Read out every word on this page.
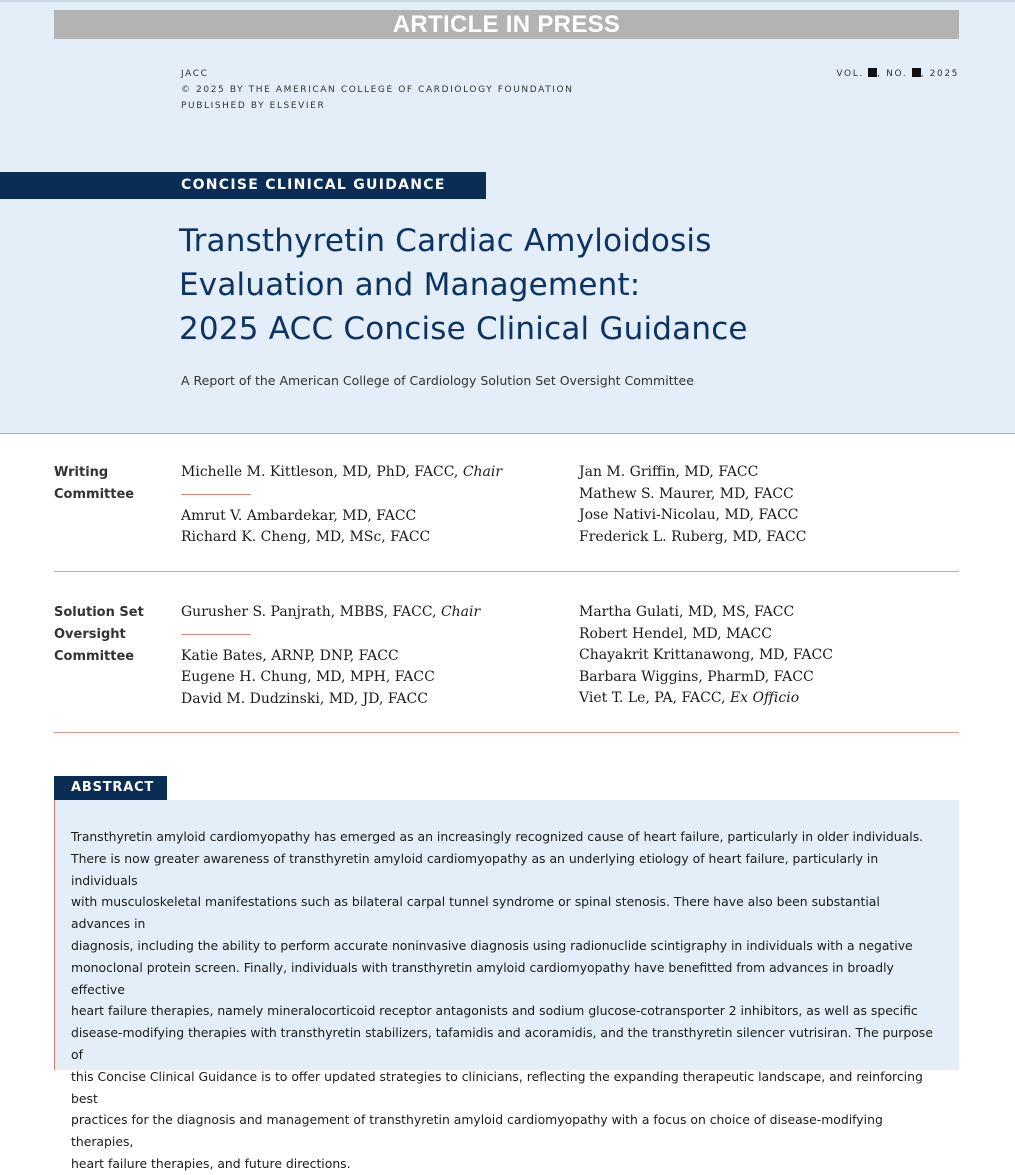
ARTICLE IN PRESS
JACC
© 2025 BY THE AMERICAN COLLEGE OF CARDIOLOGY FOUNDATION
PUBLISHED BY ELSEVIER
VOL. , NO. , 2025
CONCISE CLINICAL GUIDANCE
Transthyretin Cardiac Amyloidosis
Evaluation and Management:
2025 ACC Concise Clinical Guidance
A Report of the American College of Cardiology Solution Set Oversight Committee
Writing
Committee
Michelle M. Kittleson, MD, PhD, FACC, Chair
Amrut V. Ambardekar, MD, FACC
Richard K. Cheng, MD, MSc, FACC
Jan M. Griffin, MD, FACC
Mathew S. Maurer, MD, FACC
Jose Nativi-Nicolau, MD, FACC
Frederick L. Ruberg, MD, FACC
Solution Set
Oversight
Committee
Gurusher S. Panjrath, MBBS, FACC, Chair
Katie Bates, ARNP, DNP, FACC
Eugene H. Chung, MD, MPH, FACC
David M. Dudzinski, MD, JD, FACC
Martha Gulati, MD, MS, FACC
Robert Hendel, MD, MACC
Chayakrit Krittanawong, MD, FACC
Barbara Wiggins, PharmD, FACC
Viet T. Le, PA, FACC, Ex Officio
ABSTRACT
Transthyretin amyloid cardiomyopathy has emerged as an increasingly recognized cause of heart failure, particularly in older individuals.
There is now greater awareness of transthyretin amyloid cardiomyopathy as an underlying etiology of heart failure, particularly in individuals
with musculoskeletal manifestations such as bilateral carpal tunnel syndrome or spinal stenosis. There have also been substantial advances in
diagnosis, including the ability to perform accurate noninvasive diagnosis using radionuclide scintigraphy in individuals with a negative
monoclonal protein screen. Finally, individuals with transthyretin amyloid cardiomyopathy have benefitted from advances in broadly effective
heart failure therapies, namely mineralocorticoid receptor antagonists and sodium glucose-cotransporter 2 inhibitors, as well as specific
disease-modifying therapies with transthyretin stabilizers, tafamidis and acoramidis, and the transthyretin silencer vutrisiran. The purpose of
this Concise Clinical Guidance is to offer updated strategies to clinicians, reflecting the expanding therapeutic landscape, and reinforcing best
practices for the diagnosis and management of transthyretin amyloid cardiomyopathy with a focus on choice of disease-modifying therapies,
heart failure therapies, and future directions.
